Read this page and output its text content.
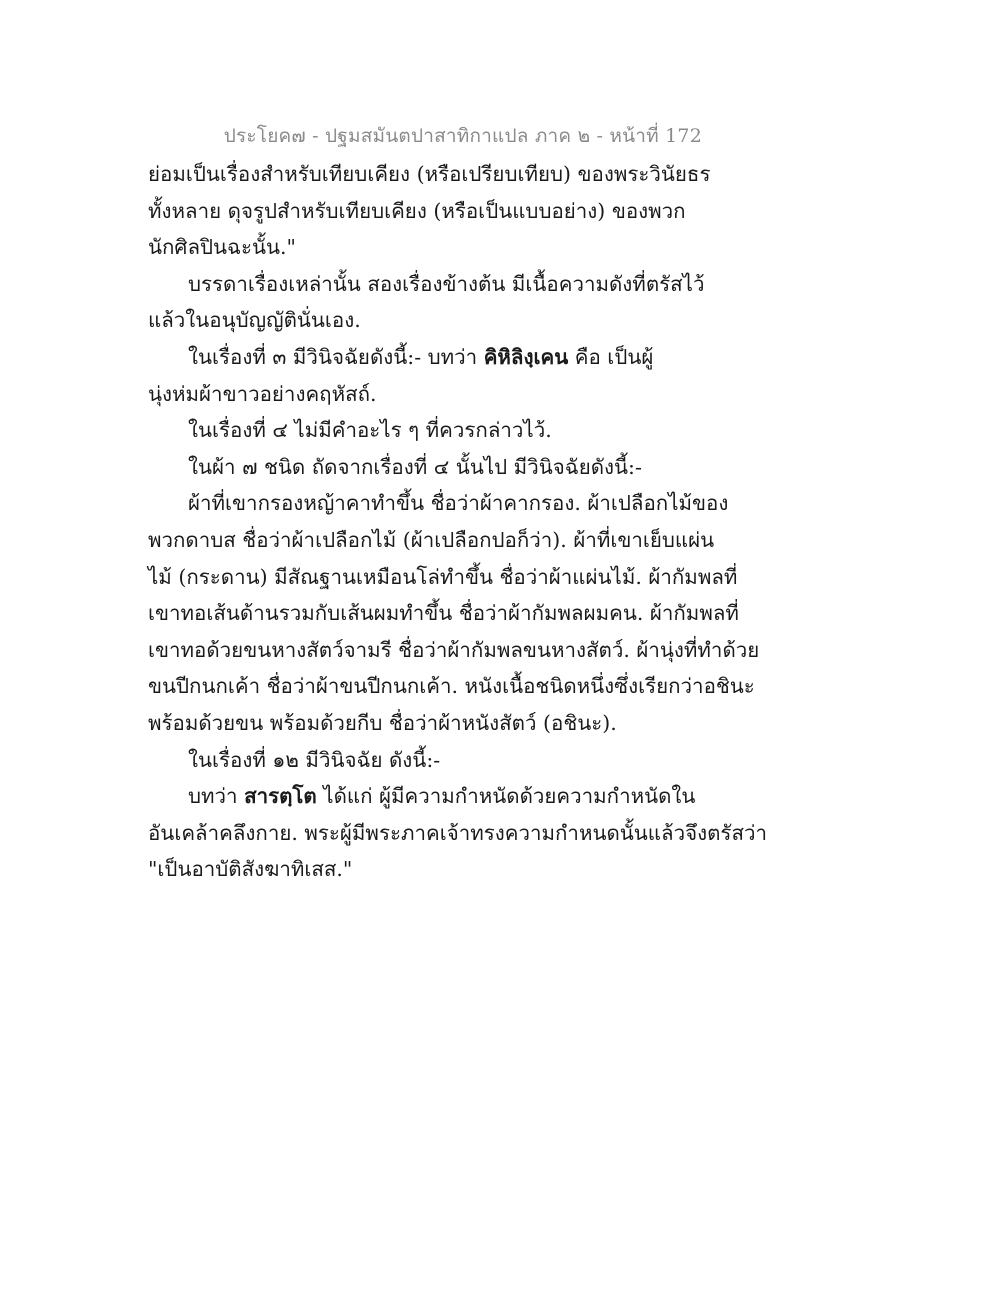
ประโยค๗ - ปฐมสมันตปาสาทิกาแปล ภาค ๒ - หน้าที่ 172
ย่อมเป็นเรื่องสำหรับเทียบเคียง (หรือเปรียบเทียบ) ของพระวินัยธร
ทั้งหลาย ดุจรูปสำหรับเทียบเคียง (หรือเป็นแบบอย่าง) ของพวก
นักศิลปินฉะนั้น."
บรรดาเรื่องเหล่านั้น สองเรื่องข้างต้น มีเนื้อความดังที่ตรัสไว้
แล้วในอนุบัญญัตินั่นเอง.
ในเรื่องที่ ๓ มีวินิจฉัยดังนี้:- บทว่า คิหิลิงฺเคน คือ เป็นผู้
นุ่งห่มผ้าขาวอย่างคฤหัสถ์.
ในเรื่องที่ ๔ ไม่มีคำอะไร ๆ ที่ควรกล่าวไว้.
ในผ้า ๗ ชนิด ถัดจากเรื่องที่ ๔ นั้นไป มีวินิจฉัยดังนี้:-
ผ้าที่เขากรองหญ้าคาทำขึ้น ชื่อว่าผ้าคากรอง. ผ้าเปลือกไม้ของ
พวกดาบส ชื่อว่าผ้าเปลือกไม้ (ผ้าเปลือกปอก็ว่า). ผ้าที่เขาเย็บแผ่น
ไม้ (กระดาน) มีสัณฐานเหมือนโล่ทำขึ้น ชื่อว่าผ้าแผ่นไม้. ผ้ากัมพลที่
เขาทอเส้นด้านรวมกับเส้นผมทำขึ้น ชื่อว่าผ้ากัมพลผมคน. ผ้ากัมพลที่
เขาทอด้วยขนหางสัตว์จามรี ชื่อว่าผ้ากัมพลขนหางสัตว์. ผ้านุ่งที่ทำด้วย
ขนปีกนกเค้า ชื่อว่าผ้าขนปีกนกเค้า. หนังเนื้อชนิดหนึ่งซึ่งเรียกว่าอชินะ
พร้อมด้วยขน พร้อมด้วยกีบ ชื่อว่าผ้าหนังสัตว์ (อชินะ).
ในเรื่องที่ ๑๒ มีวินิจฉัย ดังนี้:-
บทว่า สารตฺโต ได้แก่ ผู้มีความกำหนัดด้วยความกำหนัดใน
อันเคล้าคลึงกาย. พระผู้มีพระภาคเจ้าทรงความกำหนดนั้นแล้วจึงตรัสว่า
"เป็นอาบัติสังฆาทิเสส."
